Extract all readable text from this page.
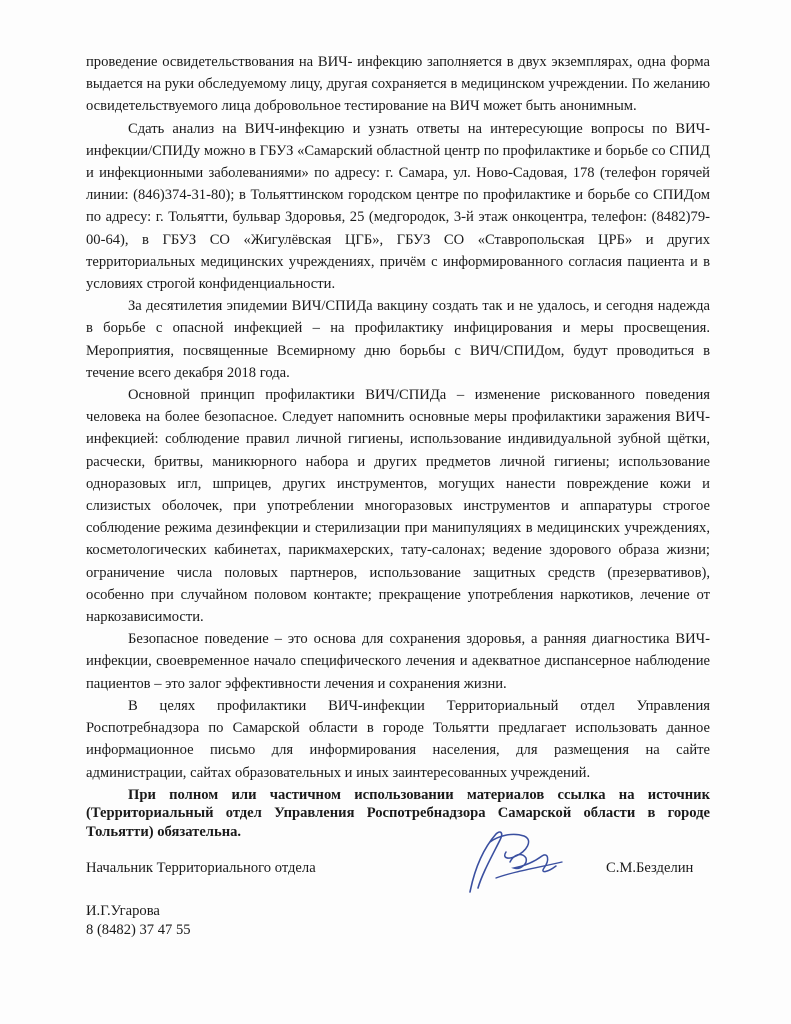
проведение освидетельствования на ВИЧ- инфекцию заполняется в двух экземплярах, одна форма выдается на руки обследуемому лицу, другая сохраняется в медицинском учреждении. По желанию освидетельствуемого лица добровольное тестирование на ВИЧ может быть анонимным.

Сдать анализ на ВИЧ-инфекцию и узнать ответы на интересующие вопросы по ВИЧ-инфекции/СПИДу можно в ГБУЗ «Самарский областной центр по профилактике и борьбе со СПИД и инфекционными заболеваниями» по адресу: г. Самара, ул. Ново-Садовая, 178 (телефон горячей линии: (846)374-31-80); в Тольяттинском городском центре по профилактике и борьбе со СПИДом по адресу: г. Тольятти, бульвар Здоровья, 25 (медгородок, 3-й этаж онкоцентра, телефон: (8482)79-00-64), в ГБУЗ СО «Жигулёвская ЦГБ», ГБУЗ СО «Ставропольская ЦРБ» и других территориальных медицинских учреждениях, причём с информированного согласия пациента и в условиях строгой конфиденциальности.

За десятилетия эпидемии ВИЧ/СПИДа вакцину создать так и не удалось, и сегодня надежда в борьбе с опасной инфекцией – на профилактику инфицирования и меры просвещения. Мероприятия, посвященные Всемирному дню борьбы с ВИЧ/СПИДом, будут проводиться в течение всего декабря 2018 года.

Основной принцип профилактики ВИЧ/СПИДа – изменение рискованного поведения человека на более безопасное. Следует напомнить основные меры профилактики заражения ВИЧ-инфекцией: соблюдение правил личной гигиены, использование индивидуальной зубной щётки, расчески, бритвы, маникюрного набора и других предметов личной гигиены; использование одноразовых игл, шприцев, других инструментов, могущих нанести повреждение кожи и слизистых оболочек, при употреблении многоразовых инструментов и аппаратуры строгое соблюдение режима дезинфекции и стерилизации при манипуляциях в медицинских учреждениях, косметологических кабинетах, парикмахерских, тату-салонах; ведение здорового образа жизни; ограничение числа половых партнеров, использование защитных средств (презервативов), особенно при случайном половом контакте; прекращение употребления наркотиков, лечение от наркозависимости.

Безопасное поведение – это основа для сохранения здоровья, а ранняя диагностика ВИЧ-инфекции, своевременное начало специфического лечения и адекватное диспансерное наблюдение пациентов – это залог эффективности лечения и сохранения жизни.

В целях профилактики ВИЧ-инфекции Территориальный отдел Управления Роспотребнадзора по Самарской области в городе Тольятти предлагает использовать данное информационное письмо для информирования населения, для размещения на сайте администрации, сайтах образовательных и иных заинтересованных учреждений.

При полном или частичном использовании материалов ссылка на источник (Территориальный отдел Управления Роспотребнадзора Самарской области в городе Тольятти) обязательна.

Начальник Территориального отдела	С.М.Безделин
И.Г.Угарова
8 (8482) 37 47 55
